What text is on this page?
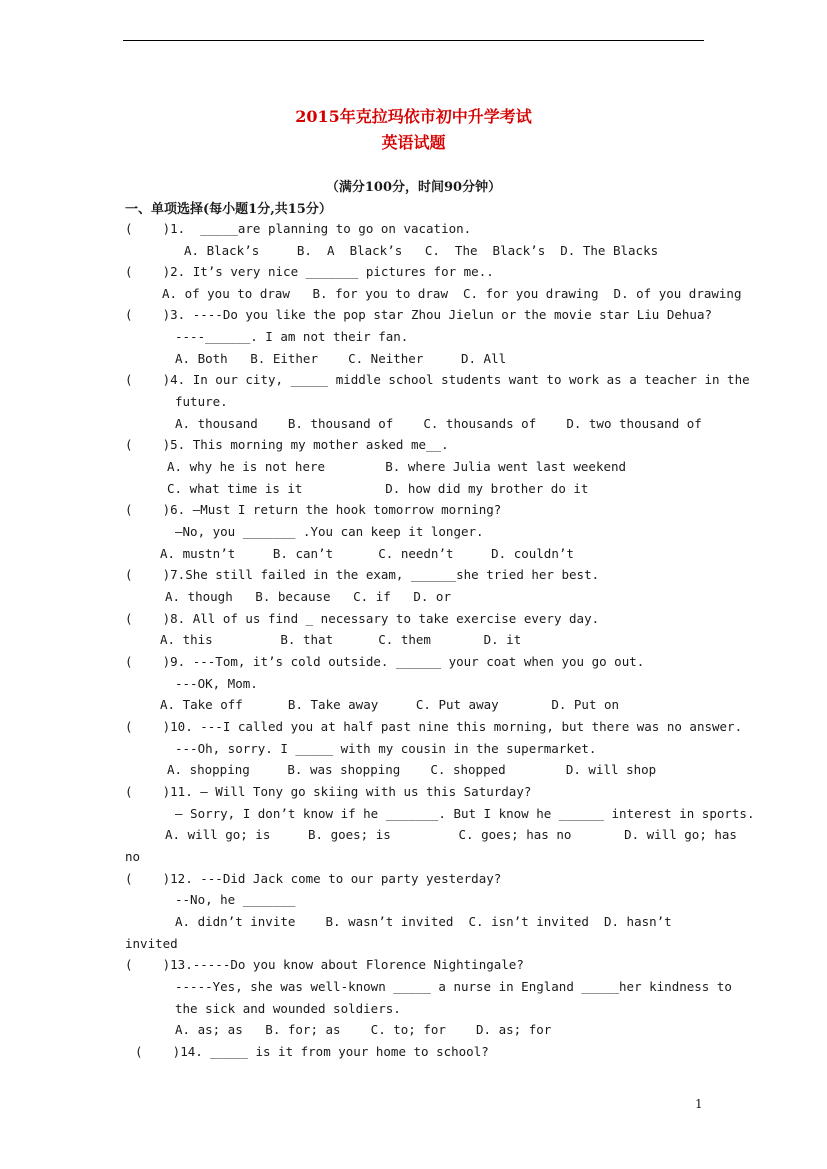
2015年克拉玛依市初中升学考试
英语试题
（满分100分，时间90分钟）
一、单项选择(每小题1分,共15分）
(    )1.  _____are planning to go on vacation.
A. Black’s     B.  A  Black’s   C.  The  Black’s  D. The Blacks
(    )2. It’s very nice _______ pictures for me..
A. of you to draw   B. for you to draw  C. for you drawing  D. of you drawing
(    )3. ----Do you like the pop star Zhou Jielun or the movie star Liu Dehua?
----______. I am not their fan.
A. Both   B. Either    C. Neither     D. All
(    )4. In our city, _____ middle school students want to work as a teacher in the
future.
A. thousand    B. thousand of    C. thousands of    D. two thousand of
(    )5. This morning my mother asked me__.
A. why he is not here        B. where Julia went last weekend
C. what time is it           D. how did my brother do it
(    )6. —Must I return the hook tomorrow morning?
—No, you _______ .You can keep it longer.
A. mustn’t     B. can’t      C. needn’t     D. couldn’t
(    )7.She still failed in the exam, ______she tried her best.
A. though   B. because   C. if   D. or
(    )8. All of us find _ necessary to take exercise every day.
A. this         B. that      C. them       D. it
(    )9. ---Tom, it’s cold outside. ______ your coat when you go out.
---OK, Mom.
A. Take off      B. Take away     C. Put away       D. Put on
(    )10. ---I called you at half past nine this morning, but there was no answer.
---Oh, sorry. I _____ with my cousin in the supermarket.
A. shopping     B. was shopping    C. shopped        D. will shop
(    )11. — Will Tony go skiing with us this Saturday?
— Sorry, I don’t know if he _______. But I know he ______ interest in sports.
A. will go; is     B. goes; is         C. goes; has no       D. will go; has
no
(    )12. ---Did Jack come to our party yesterday?
--No, he _______
A. didn’t invite    B. wasn’t invited  C. isn’t invited  D. hasn’t
invited
(    )13.-----Do you know about Florence Nightingale?
-----Yes, she was well-known _____ a nurse in England _____her kindness to
the sick and wounded soldiers.
A. as; as   B. for; as    C. to; for    D. as; for
(    )14. _____ is it from your home to school?
1
